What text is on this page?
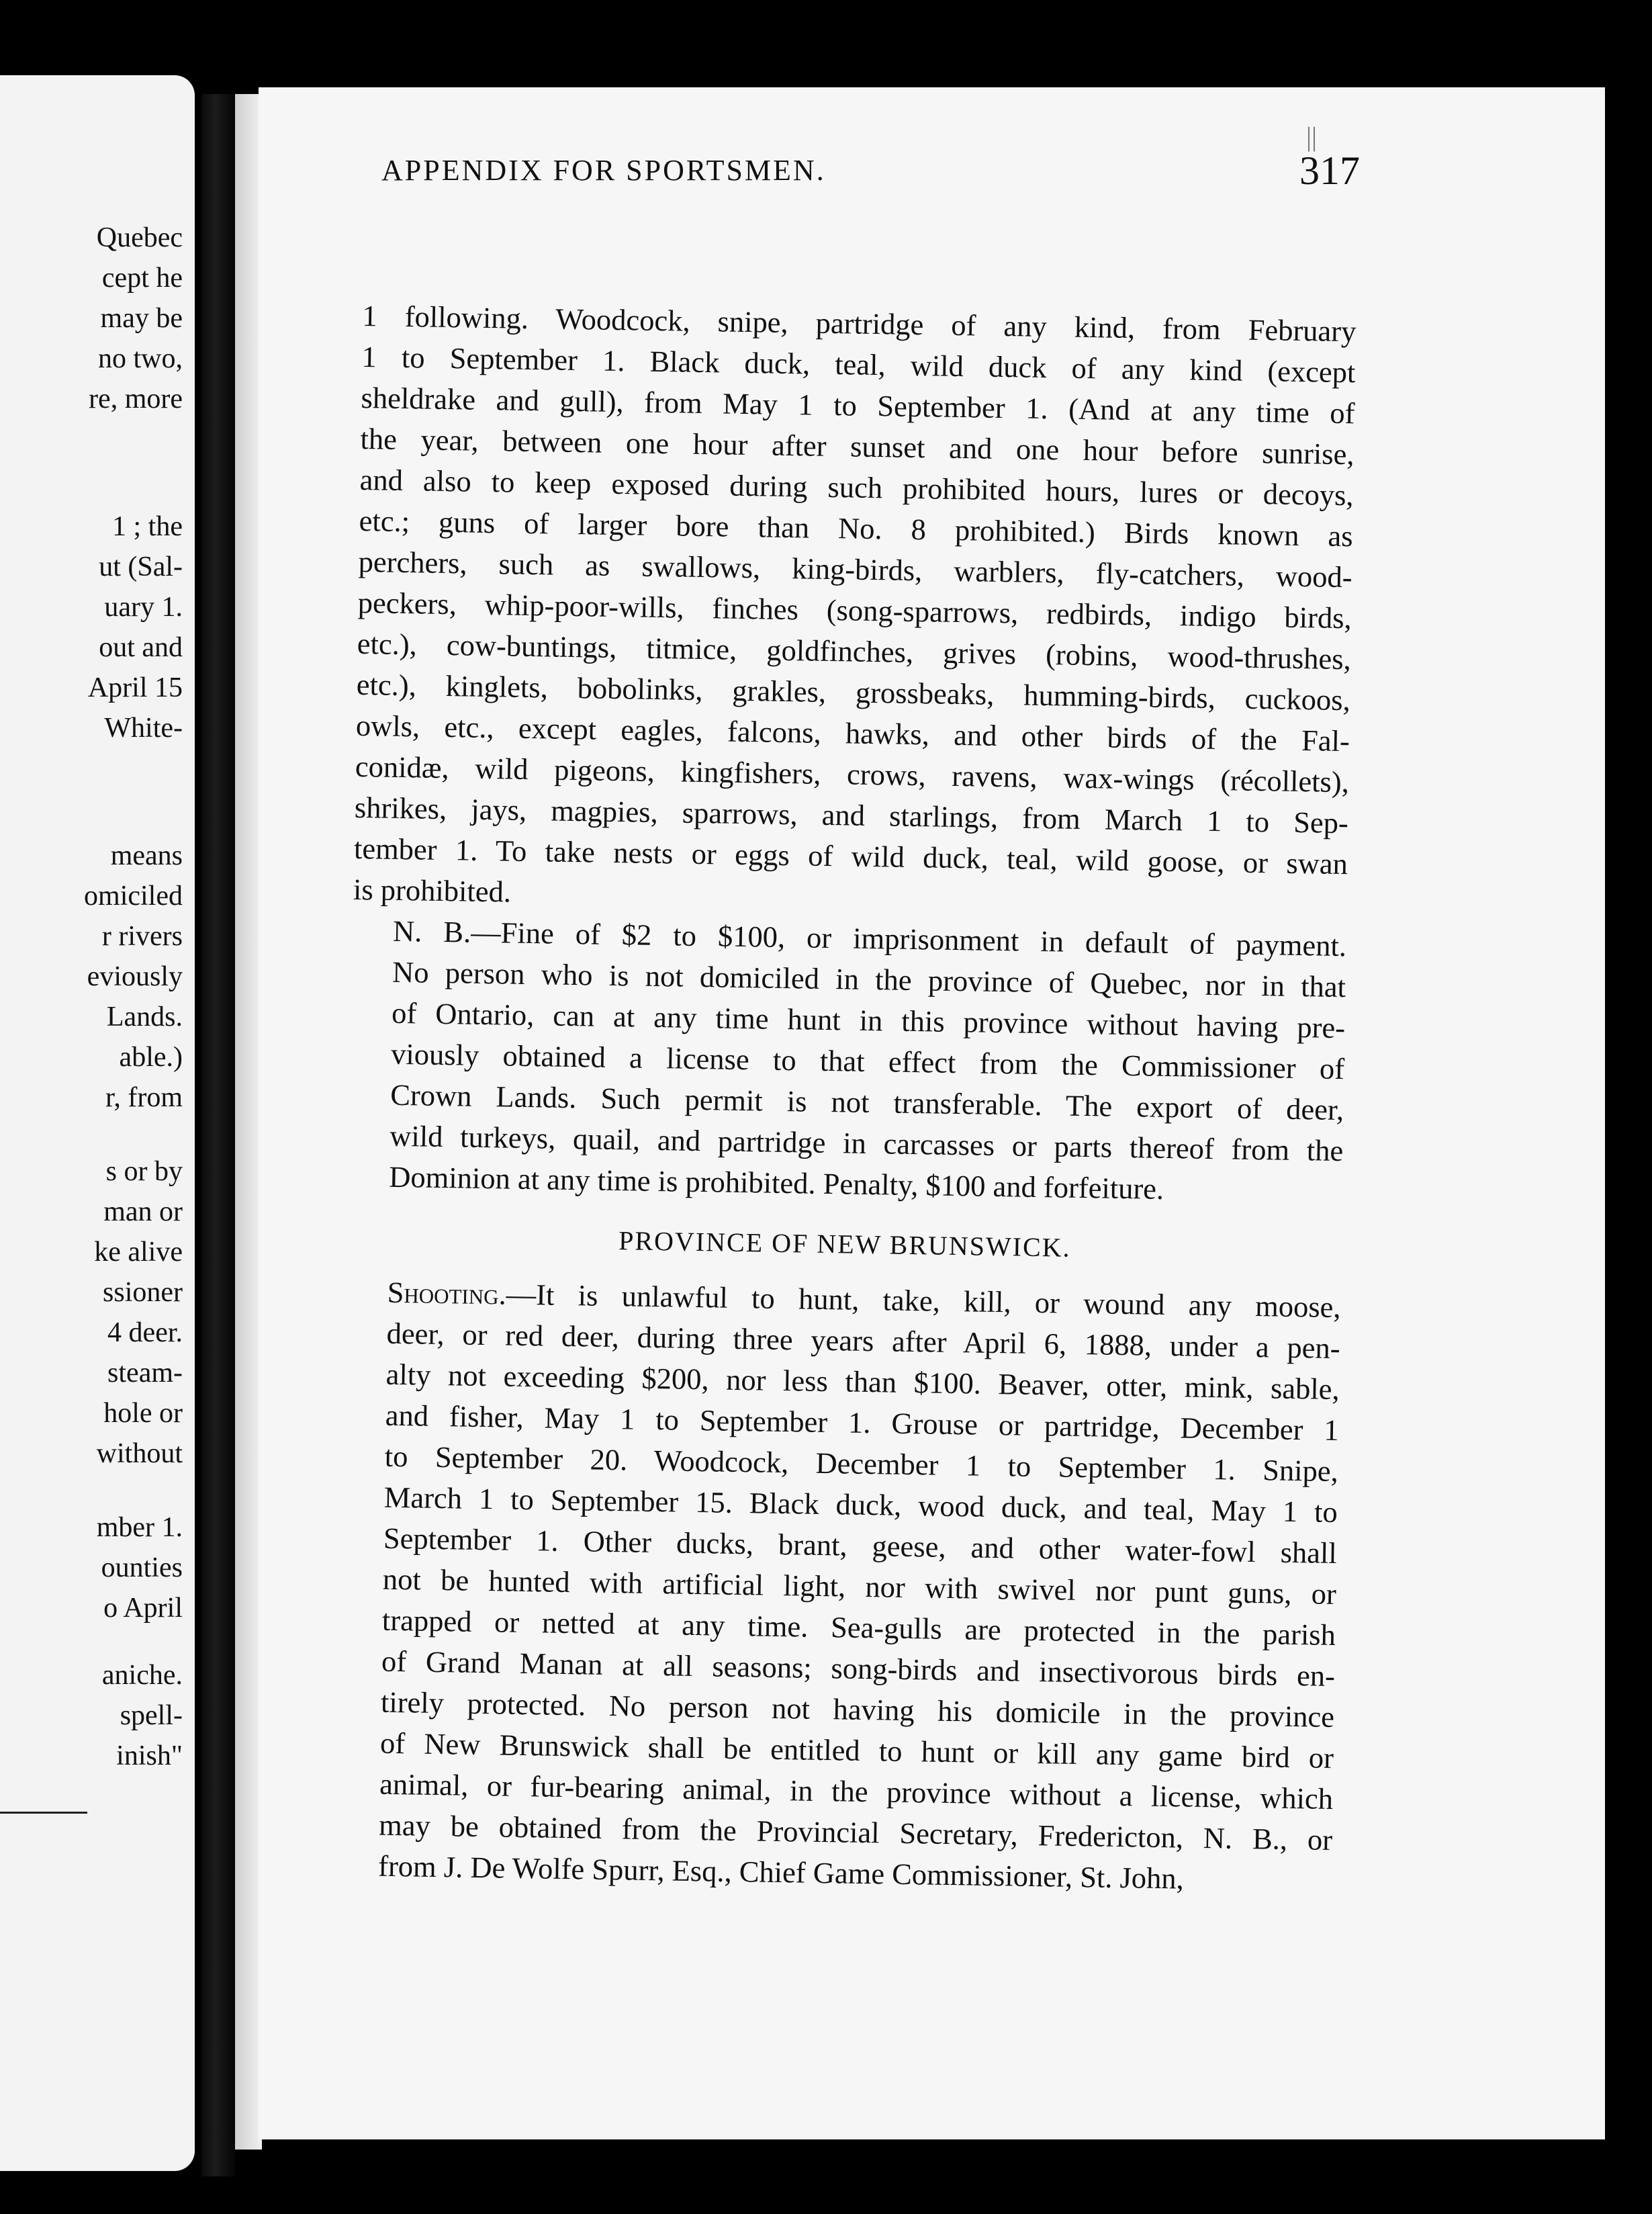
Quebec
cept he
may be
no two,
re, more
1 ; the
ut (Sal-
uary 1.
out and
April 15
White-
means
omiciled
r rivers
eviously
Lands.
able.)
r, from
s or by
man or
ke alive
ssioner
4 deer.
steam-
hole or
without
mber 1.
ounties
o April
aniche.
spell-
inish"
||
APPENDIX FOR SPORTSMEN.	317

1 following. Woodcock, snipe, partridge of any kind, from February
1 to September 1. Black duck, teal, wild duck of any kind (except
sheldrake and gull), from May 1 to September 1. (And at any time of
the year, between one hour after sunset and one hour before sunrise,
and also to keep exposed during such prohibited hours, lures or decoys,
etc.; guns of larger bore than No. 8 prohibited.) Birds known as
perchers, such as swallows, king-birds, warblers, fly-catchers, wood-
peckers, whip-poor-wills, finches (song-sparrows, redbirds, indigo birds,
etc.), cow-buntings, titmice, goldfinches, grives (robins, wood-thrushes,
etc.), kinglets, bobolinks, grakles, grossbeaks, humming-birds, cuckoos,
owls, etc., except eagles, falcons, hawks, and other birds of the Fal-
conidæ, wild pigeons, kingfishers, crows, ravens, wax-wings (récollets),
shrikes, jays, magpies, sparrows, and starlings, from March 1 to Sep-
tember 1. To take nests or eggs of wild duck, teal, wild goose, or swan
is prohibited.

N. B.—Fine of $2 to $100, or imprisonment in default of payment.
No person who is not domiciled in the province of Quebec, nor in that
of Ontario, can at any time hunt in this province without having pre-
viously obtained a license to that effect from the Commissioner of
Crown Lands. Such permit is not transferable. The export of deer,
wild turkeys, quail, and partridge in carcasses or parts thereof from the
Dominion at any time is prohibited. Penalty, $100 and forfeiture.

PROVINCE OF NEW BRUNSWICK.

Shooting.—It is unlawful to hunt, take, kill, or wound any moose,
deer, or red deer, during three years after April 6, 1888, under a pen-
alty not exceeding $200, nor less than $100. Beaver, otter, mink, sable,
and fisher, May 1 to September 1. Grouse or partridge, December 1
to September 20. Woodcock, December 1 to September 1. Snipe,
March 1 to September 15. Black duck, wood duck, and teal, May 1 to
September 1. Other ducks, brant, geese, and other water-fowl shall
not be hunted with artificial light, nor with swivel nor punt guns, or
trapped or netted at any time. Sea-gulls are protected in the parish
of Grand Manan at all seasons; song-birds and insectivorous birds en-
tirely protected. No person not having his domicile in the province
of New Brunswick shall be entitled to hunt or kill any game bird or
animal, or fur-bearing animal, in the province without a license, which
may be obtained from the Provincial Secretary, Fredericton, N. B., or
from J. De Wolfe Spurr, Esq., Chief Game Commissioner, St. John,
